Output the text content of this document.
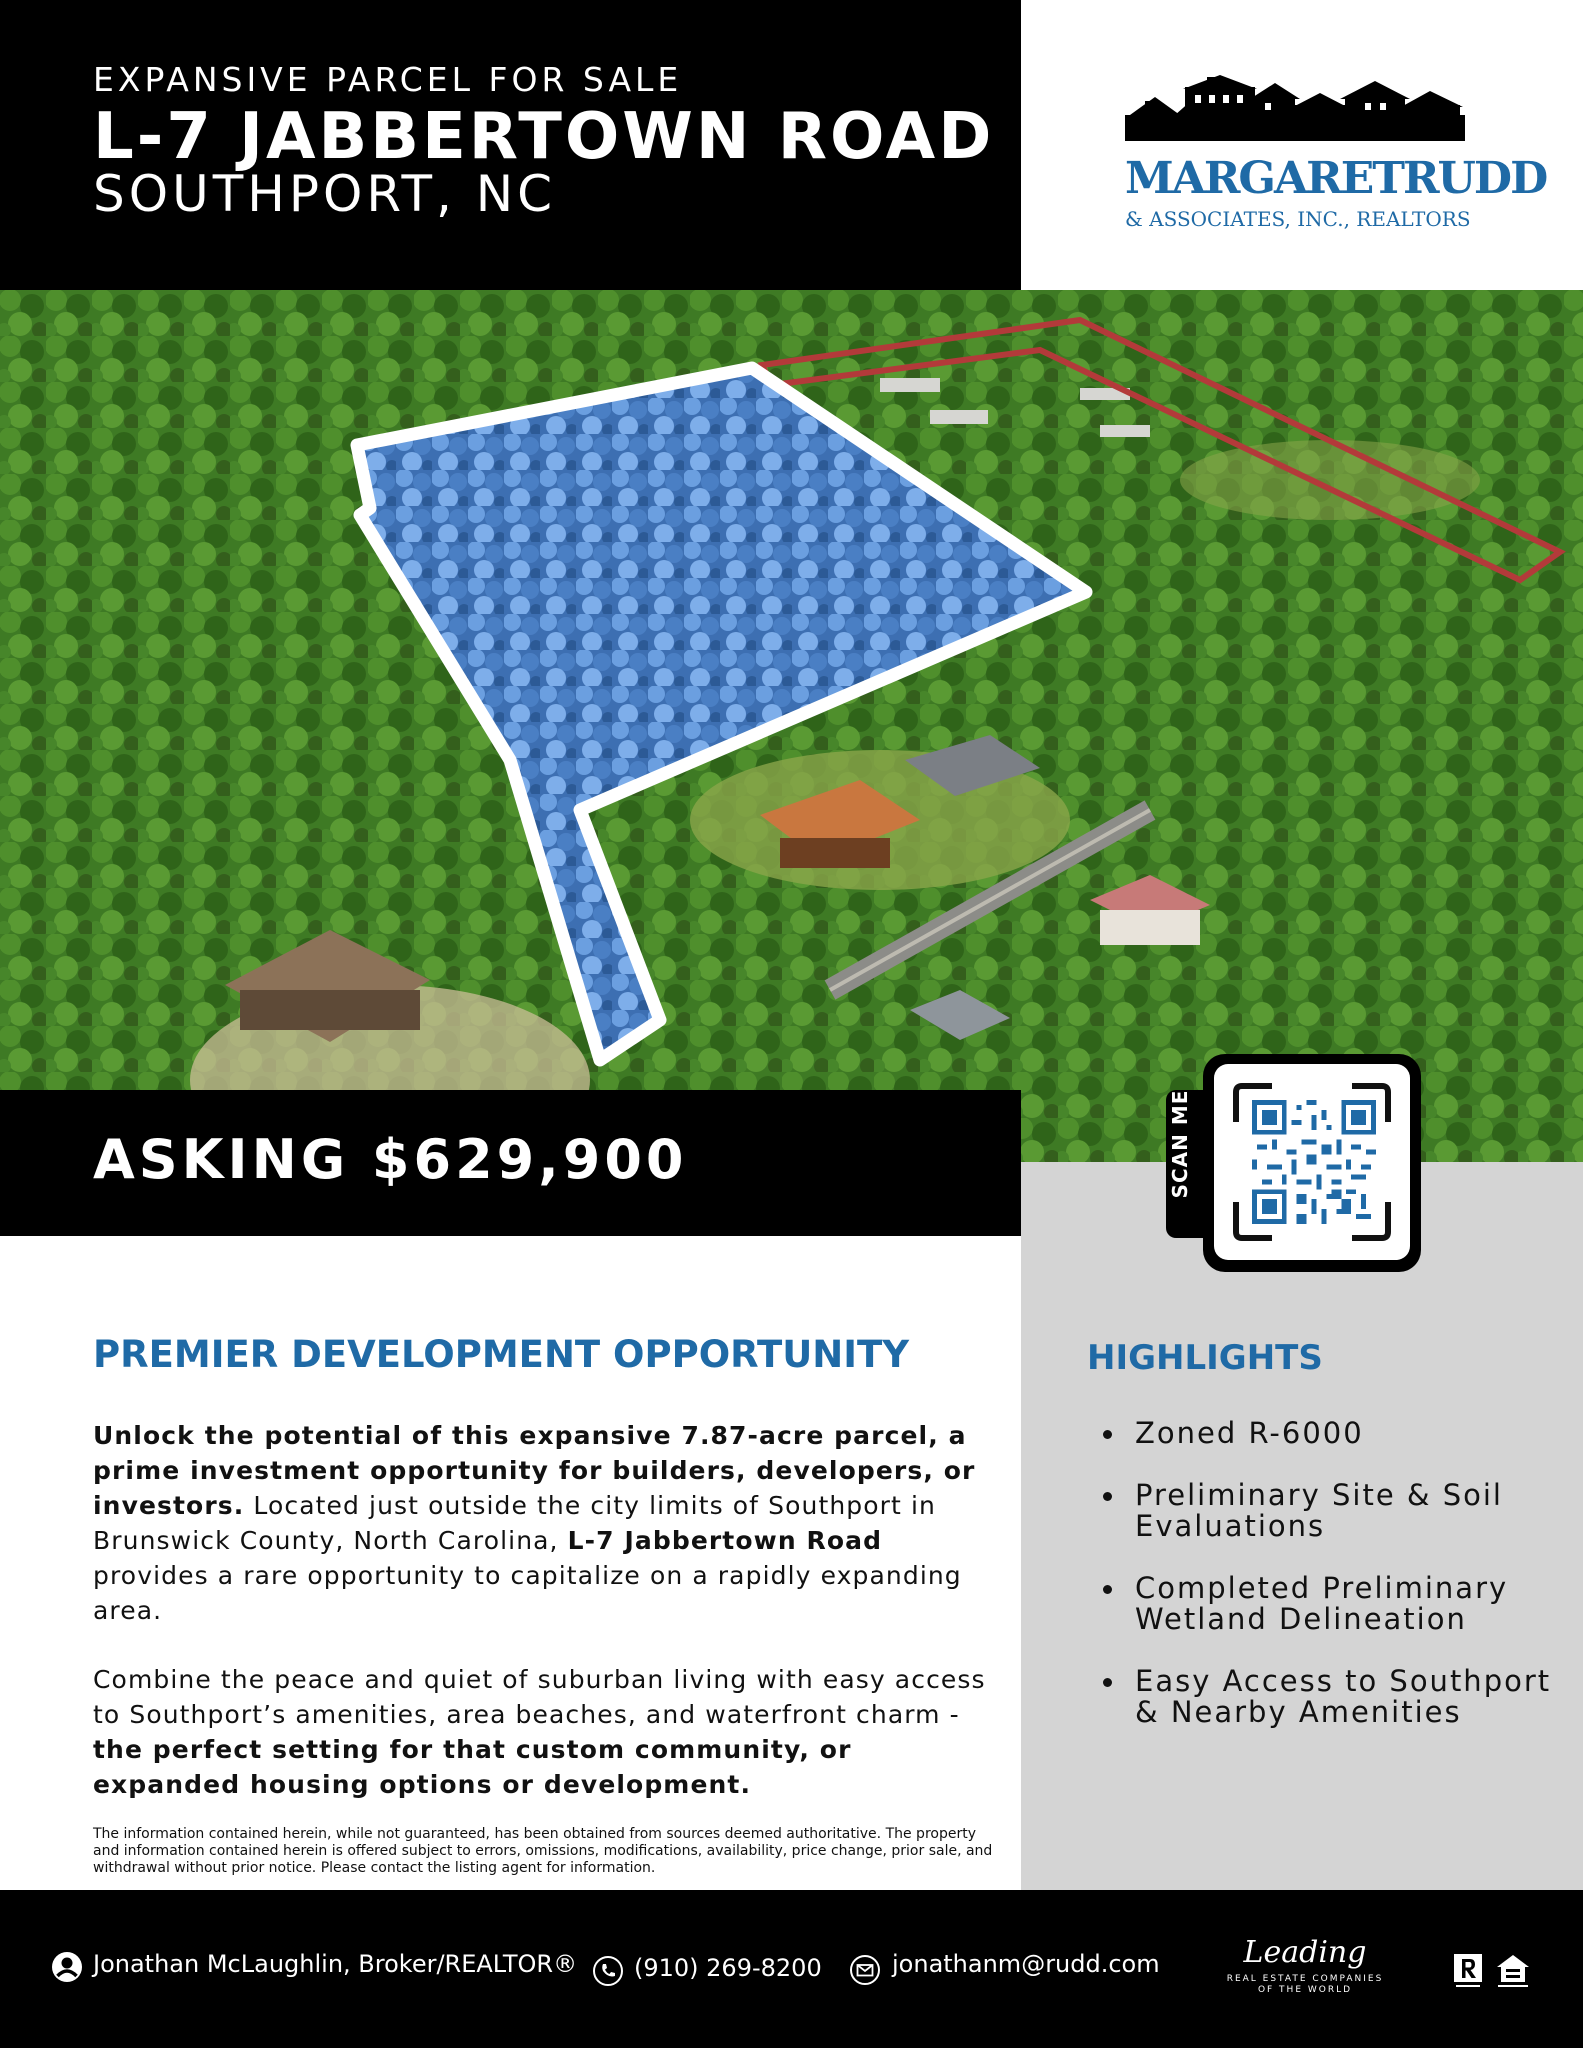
EXPANSIVE PARCEL FOR SALE
L-7 JABBERTOWN ROAD
SOUTHPORT, NC	MARGARETRUDD
& ASSOCIATES, INC., REALTORS
ASKING $629,900	SCAN ME
HIGHLIGHTS
Zoned R-6000
Preliminary Site & Soil Evaluations
Completed Preliminary Wetland Delineation
Easy Access to Southport & Nearby Amenities
PREMIER DEVELOPMENT OPPORTUNITY

Unlock the potential of this expansive 7.87-acre parcel, a prime investment opportunity for builders, developers, or investors. Located just outside the city limits of Southport in Brunswick County, North Carolina, L-7 Jabbertown Road provides a rare opportunity to capitalize on a rapidly expanding area.

Combine the peace and quiet of suburban living with easy access to Southport’s amenities, area beaches, and waterfront charm - the perfect setting for that custom community, or expanded housing options or development.

The information contained herein, while not guaranteed, has been obtained from sources deemed authoritative. The property and information contained herein is offered subject to errors, omissions, modifications, availability, price change, prior sale, and withdrawal without prior notice. Please contact the listing agent for information.

Jonathan McLaughlin, Broker/REALTOR® (910) 269-8200	jonathanm@rudd.com	Leading
REAL ESTATE COMPANIES OF THE WORLD
